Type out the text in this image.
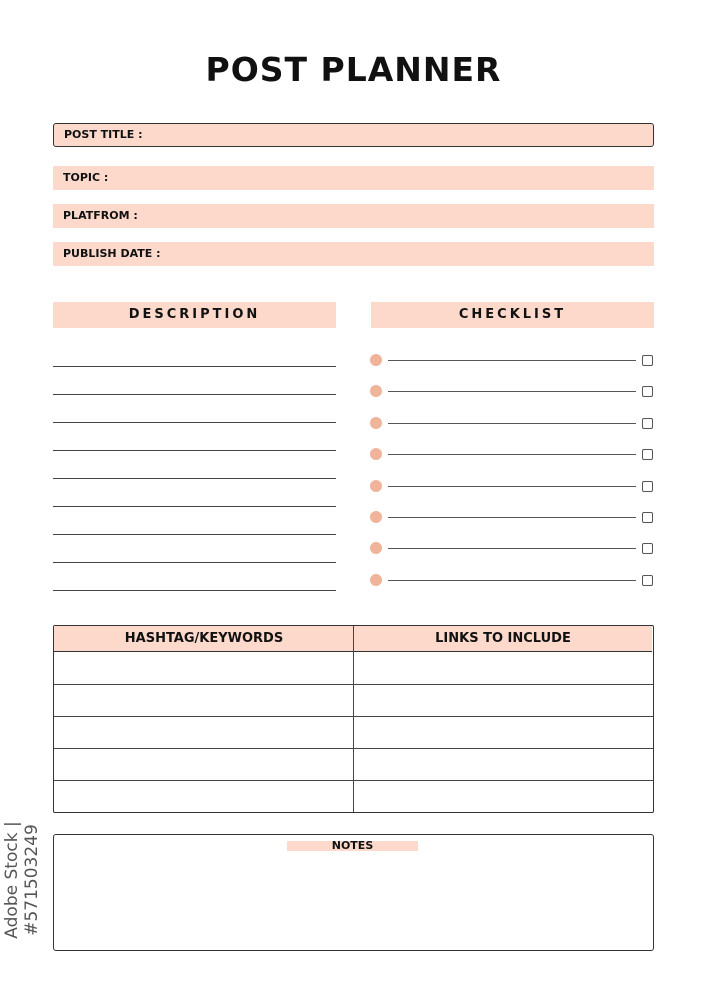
POST PLANNER
POST TITLE :
TOPIC :
PLATFROM :
PUBLISH DATE :
DESCRIPTION	CHECKLIST
HASHTAG/KEYWORDS	LINKS TO INCLUDE
NOTES
Adobe Stock | #571503249
